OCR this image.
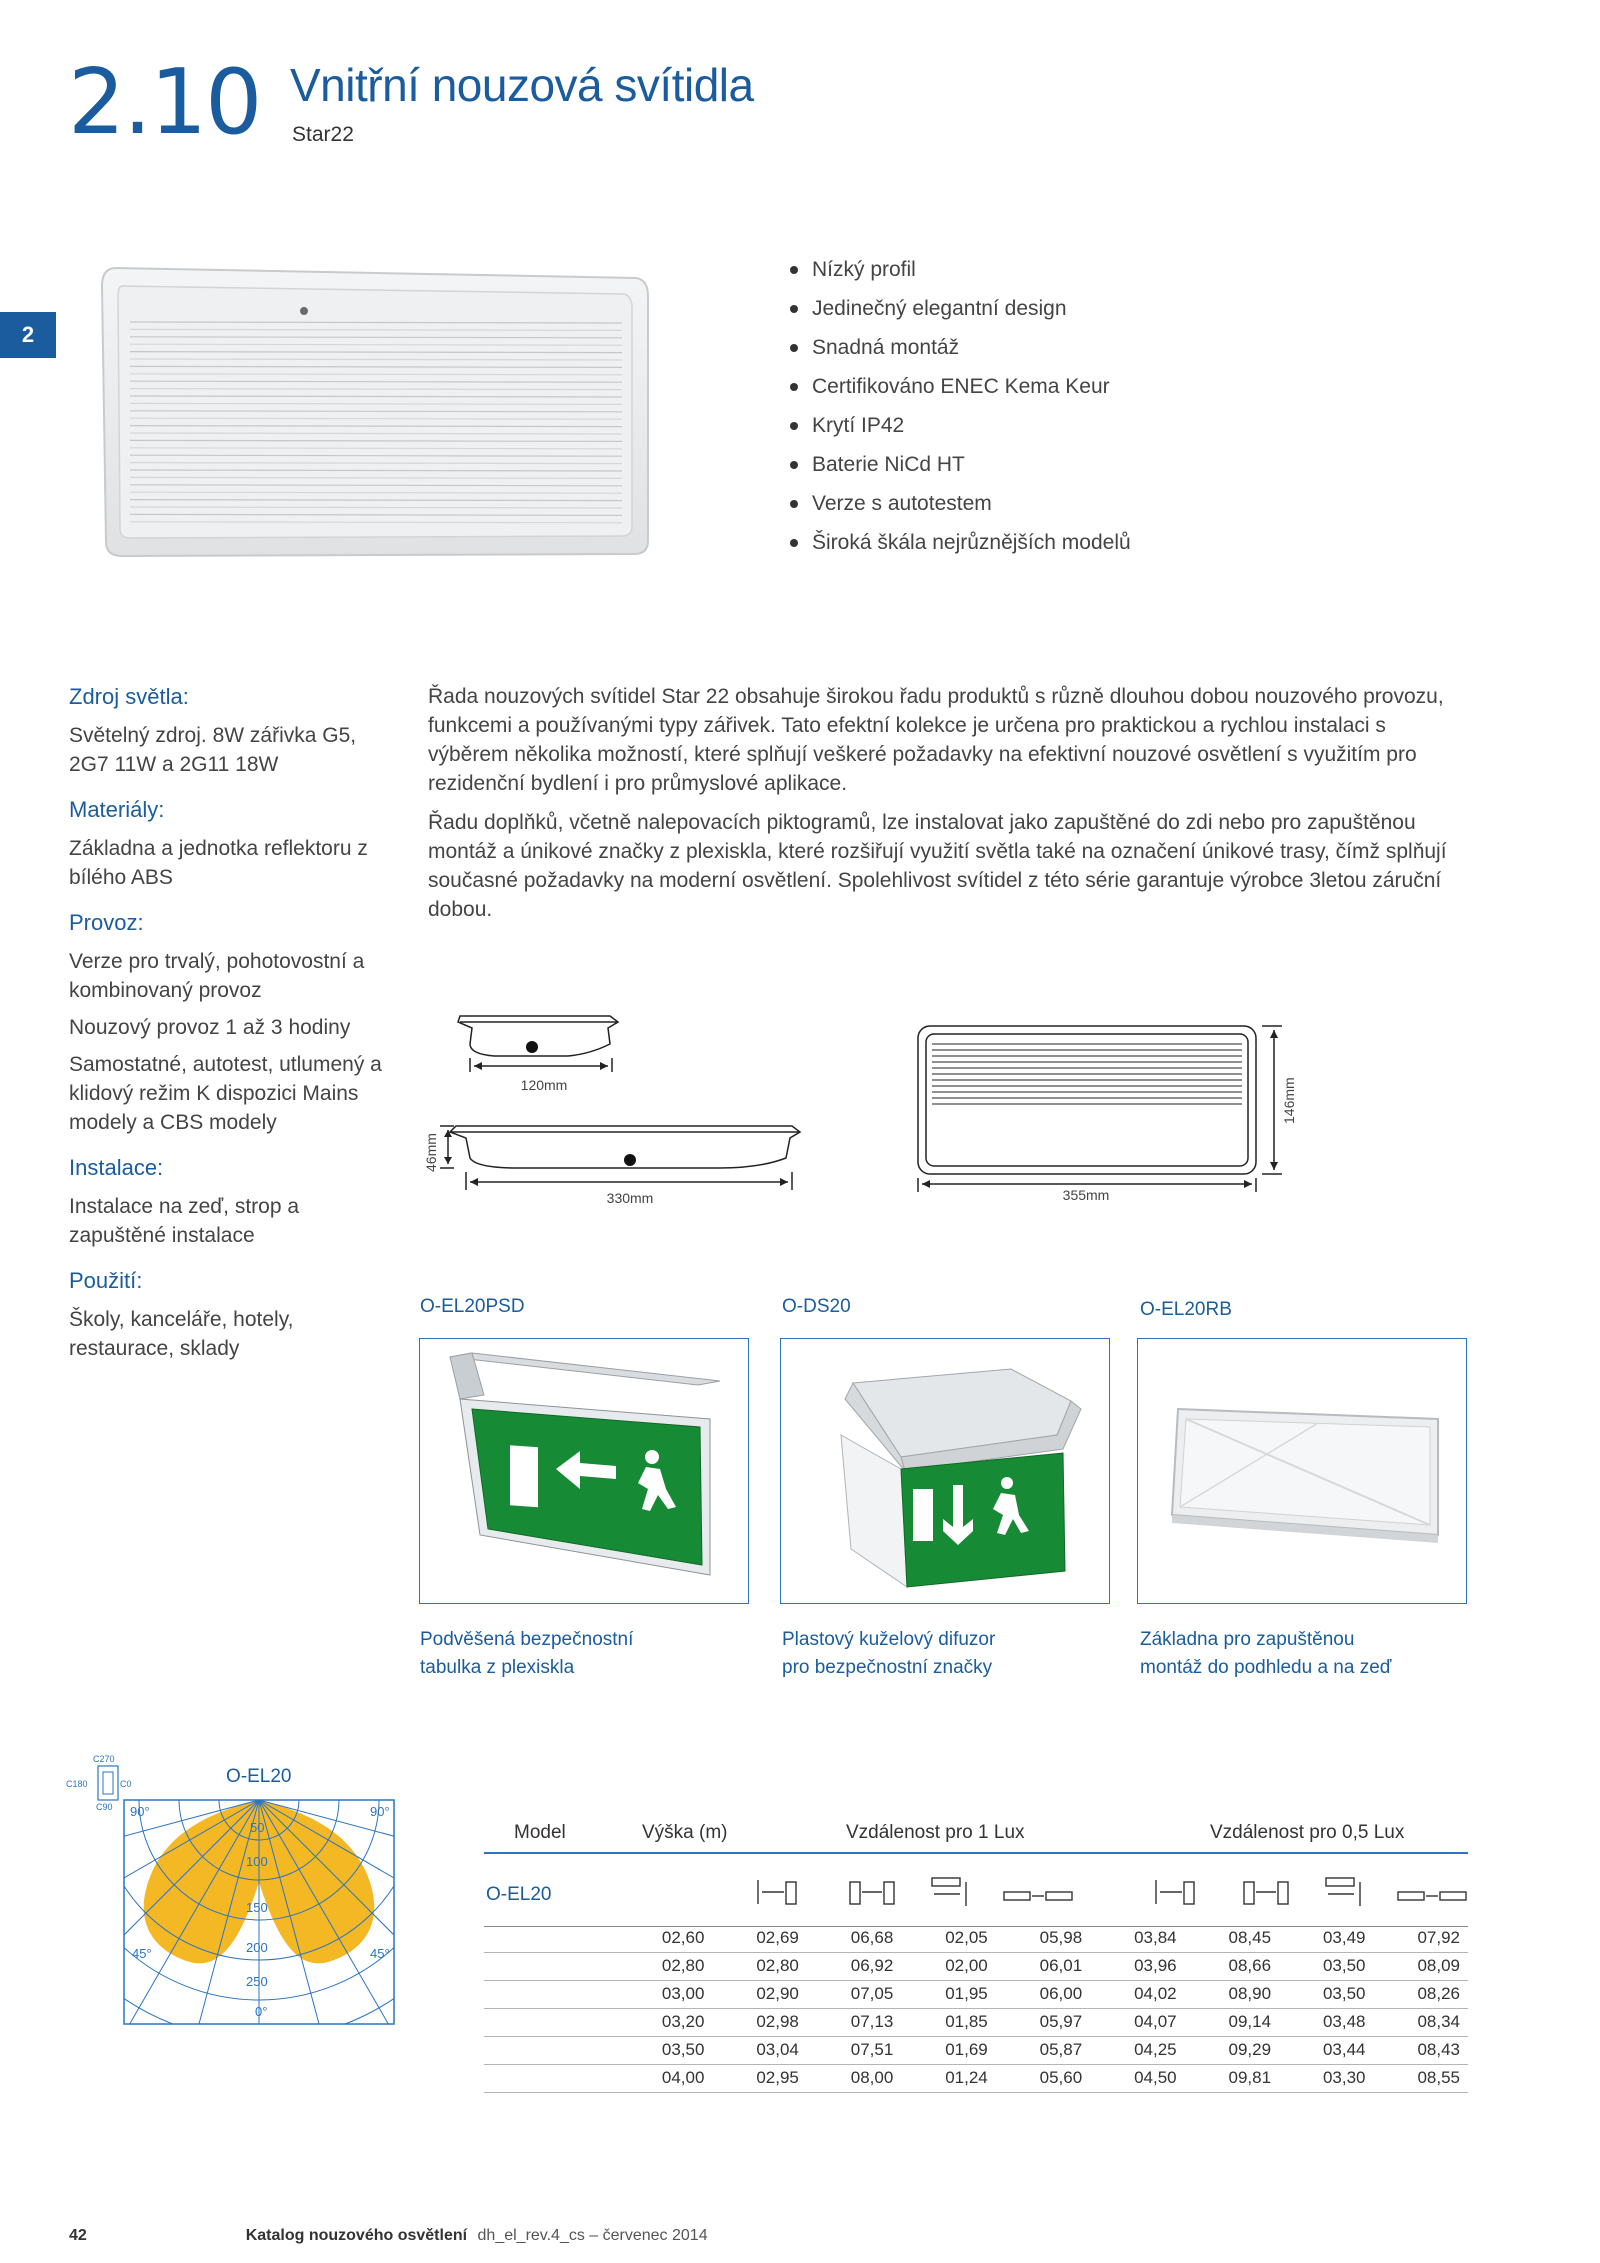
2.10 Vnitřní nouzová svítidla
Star22
2
Nízký profil
Jedinečný elegantní design
Snadná montáž
Certifikováno ENEC Kema Keur
Krytí IP42
Baterie NiCd HT
Verze s autotestem
Široká škála nejrůznějších modelů
Zdroj světla:

Světelný zdroj. 8W zářivka G5, 2G7 11W a 2G11 18W

Materiály:

Základna a jednotka reflektoru z bílého ABS

Provoz:

Verze pro trvalý, pohotovostní a kombinovaný provoz

Nouzový provoz 1 až 3 hodiny

Samostatné, autotest, utlumený a klidový režim K dispozici Mains modely a CBS modely

Instalace:

Instalace na zeď, strop a zapuštěné instalace

Použití:

Školy, kanceláře, hotely, restaurace, sklady

Řada nouzových svítidel Star 22 obsahuje širokou řadu produktů s různě dlouhou dobou nouzového provozu, funkcemi a používanými typy zářivek. Tato efektní kolekce je určena pro praktickou a rychlou instalaci s výběrem několika možností, které splňují veškeré požadavky na efektivní nouzové osvětlení s využitím pro rezidenční bydlení i pro průmyslové aplikace.

Řadu doplňků, včetně nalepovacích piktogramů, lze instalovat jako zapuštěné do zdi nebo pro zapuštěnou montáž a únikové značky z plexiskla, které rozšiřují využití světla také na označení únikové trasy, čímž splňují současné požadavky na moderní osvětlení. Spolehlivost svítidel z této série garantuje výrobce 3letou záruční dobou.

120mm
46mm
330mm
146mm
355mm
O-EL20PSD	O-DS20	O-EL20RB
Podvěšená bezpečnostní
tabulka z plexiskla
Plastový kuželový difuzor
pro bezpečnostní značky
Základna pro zapuštěnou
montáž do podhledu a na zeď
C270
C180	C0
C90
O-EL20
90°	90°
45°	45°
0°
50
100
150
200
250
Model	Výška (m)	Vzdálenost pro 1 Lux	Vzdálenost pro 0,5 Lux
O-EL20
	02,60	02,69	06,68	02,05	05,98	03,84	08,45	03,49	07,92
	02,80	02,80	06,92	02,00	06,01	03,96	08,66	03,50	08,09
	03,00	02,90	07,05	01,95	06,00	04,02	08,90	03,50	08,26
	03,20	02,98	07,13	01,85	05,97	04,07	09,14	03,48	08,34
	03,50	03,04	07,51	01,69	05,87	04,25	09,29	03,44	08,43
	04,00	02,95	08,00	01,24	05,60	04,50	09,81	03,30	08,55
42	Katalog nouzového osvětlení dh_el_rev.4_cs – červenec 2014
